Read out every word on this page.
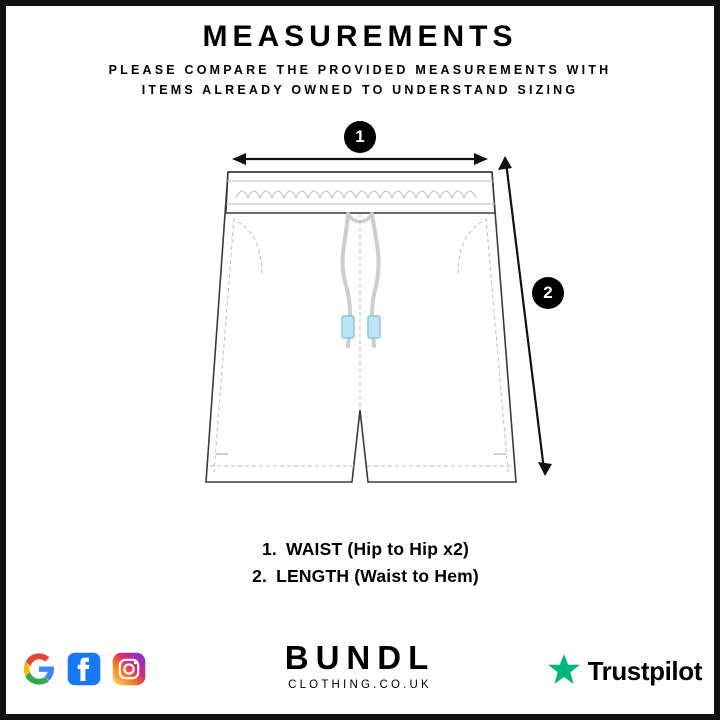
MEASUREMENTS
PLEASE COMPARE THE PROVIDED MEASUREMENTS WITH
ITEMS ALREADY OWNED TO UNDERSTAND SIZING
1
2
1. WAIST (Hip to Hip x2)
2. LENGTH (Waist to Hem)
BUNDL
CLOTHING.CO.UK	Trustpilot
